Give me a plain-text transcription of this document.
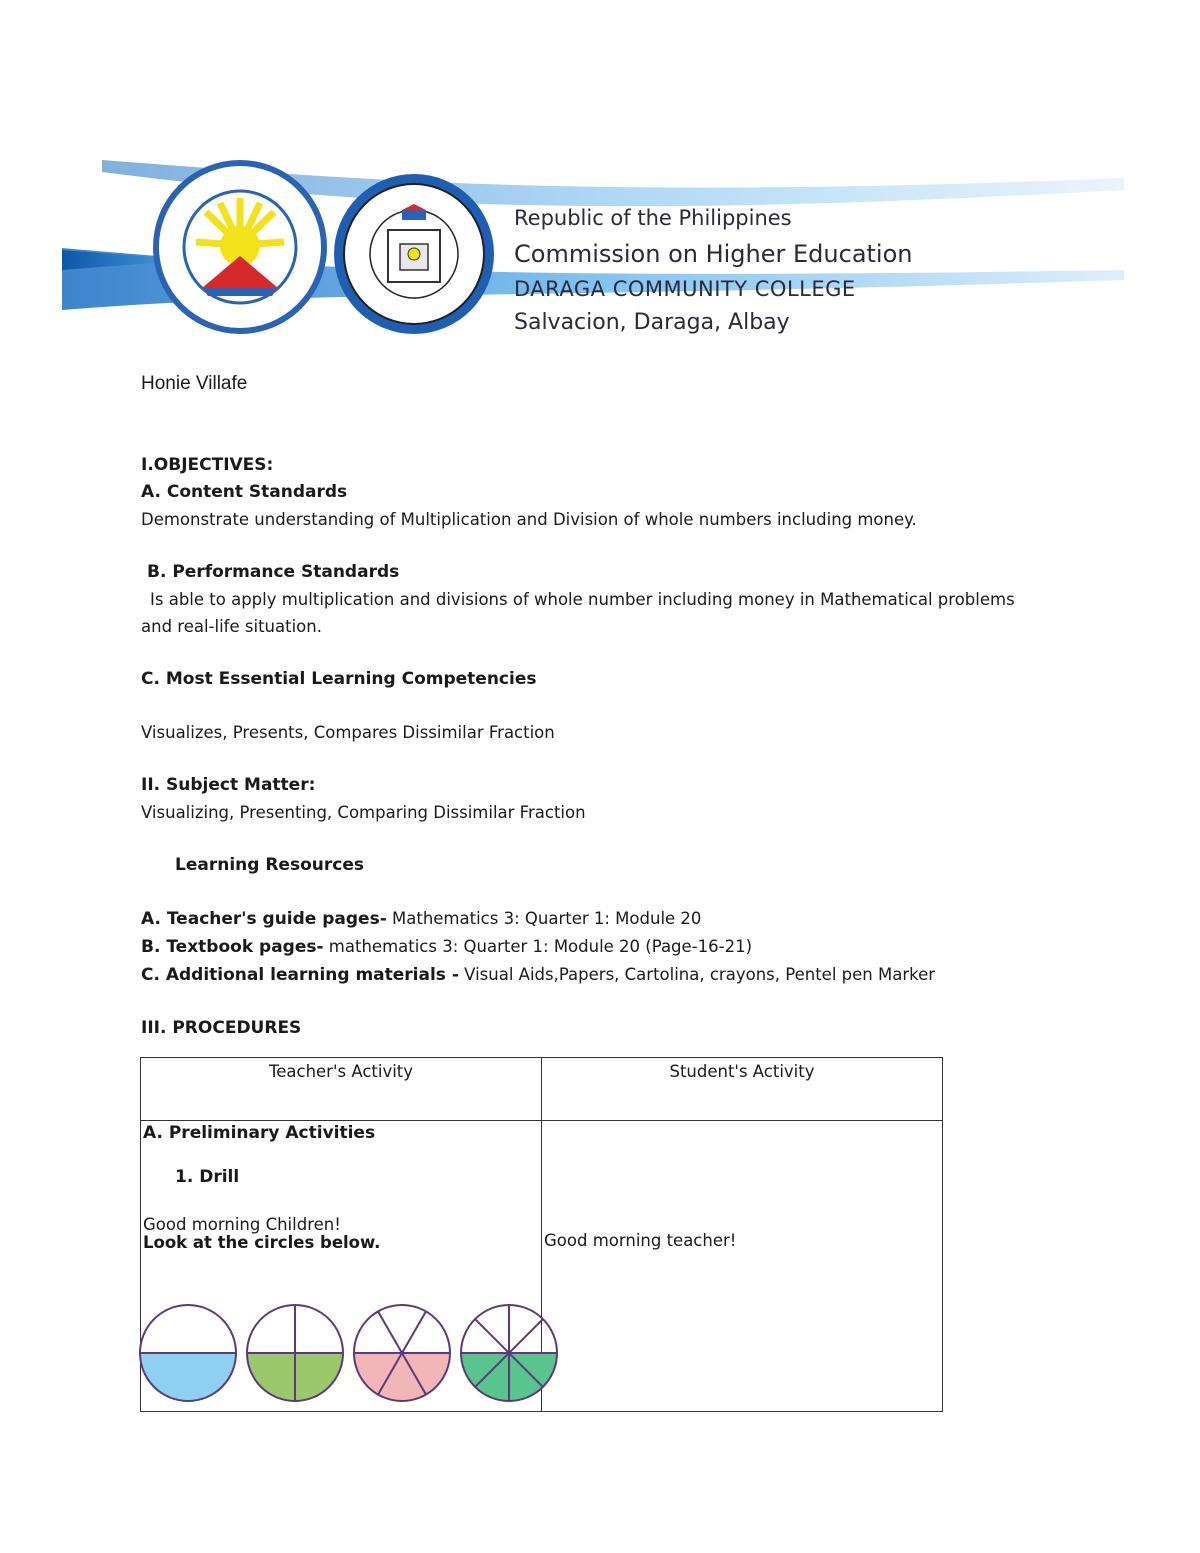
Republic of the Philippines
Commission on Higher Education
DARAGA COMMUNITY COLLEGE
Salvacion, Daraga, Albay
Honie Villafe
I.OBJECTIVES:
A. Content Standards
Demonstrate understanding of Multiplication and Division of whole numbers including money.
B. Performance Standards
Is able to apply multiplication and divisions of whole number including money in Mathematical problems and real-life situation.
C. Most Essential Learning Competencies
Visualizes, Presents, Compares Dissimilar Fraction
II. Subject Matter:
Visualizing, Presenting, Comparing Dissimilar Fraction
Learning Resources
A. Teacher's guide pages- Mathematics 3: Quarter 1: Module 20
B. Textbook pages- mathematics 3: Quarter 1: Module 20 (Page-16-21)
C. Additional learning materials - Visual Aids,Papers, Cartolina, crayons, Pentel pen Marker
III. PROCEDURES
Teacher's Activity	Student's Activity

A. Preliminary Activities
1. Drill
Good morning Children!
Look at the circles below.	Good morning teacher!
